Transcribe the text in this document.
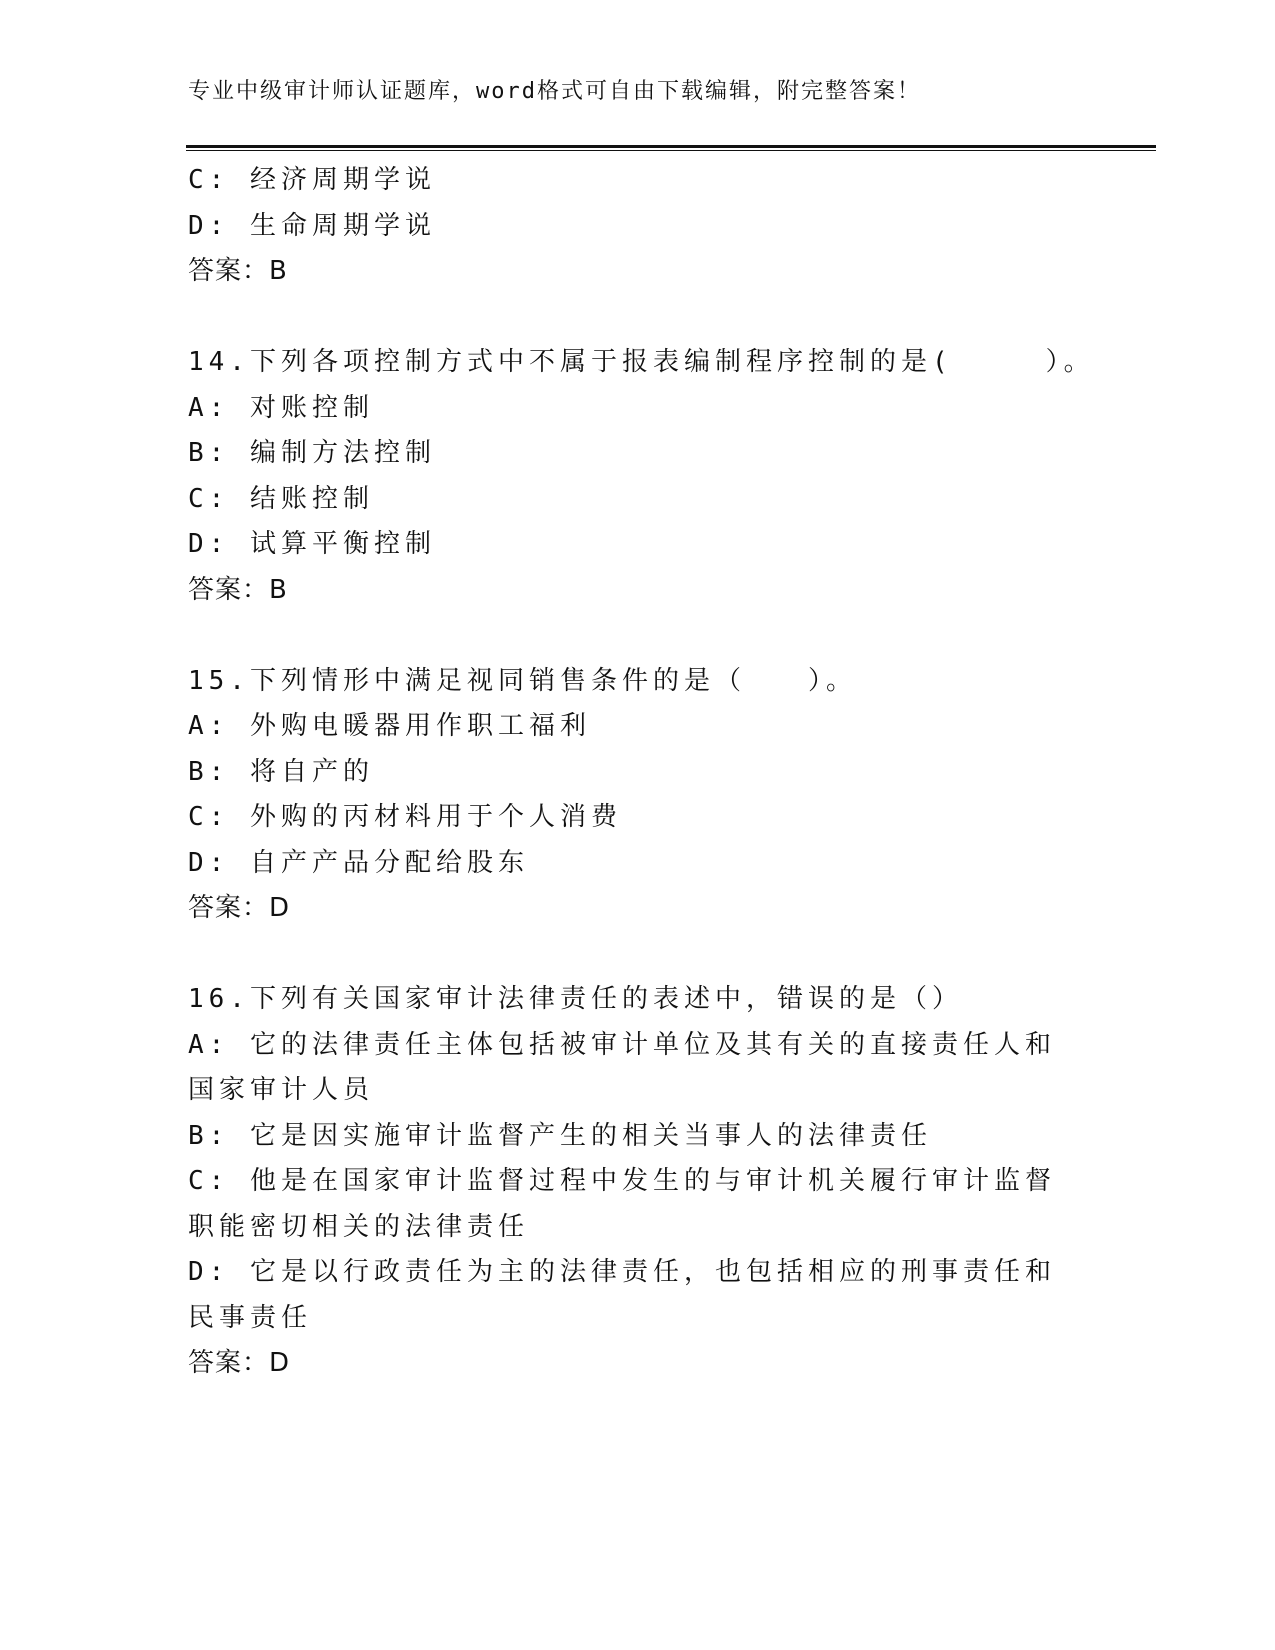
专业中级审计师认证题库，word格式可自由下载编辑，附完整答案！
C: 经济周期学说
D: 生命周期学说
答案：B
14.下列各项控制方式中不属于报表编制程序控制的是(　　　）。
A: 对账控制
B: 编制方法控制
C: 结账控制
D: 试算平衡控制
答案：B
15.下列情形中满足视同销售条件的是（　　）。
A: 外购电暖器用作职工福利
B: 将自产的
C: 外购的丙材料用于个人消费
D: 自产产品分配给股东
答案：D
16.下列有关国家审计法律责任的表述中，错误的是（）
A: 它的法律责任主体包括被审计单位及其有关的直接责任人和国家审计人员
B: 它是因实施审计监督产生的相关当事人的法律责任
C: 他是在国家审计监督过程中发生的与审计机关履行审计监督职能密切相关的法律责任
D: 它是以行政责任为主的法律责任，也包括相应的刑事责任和民事责任
答案：D
